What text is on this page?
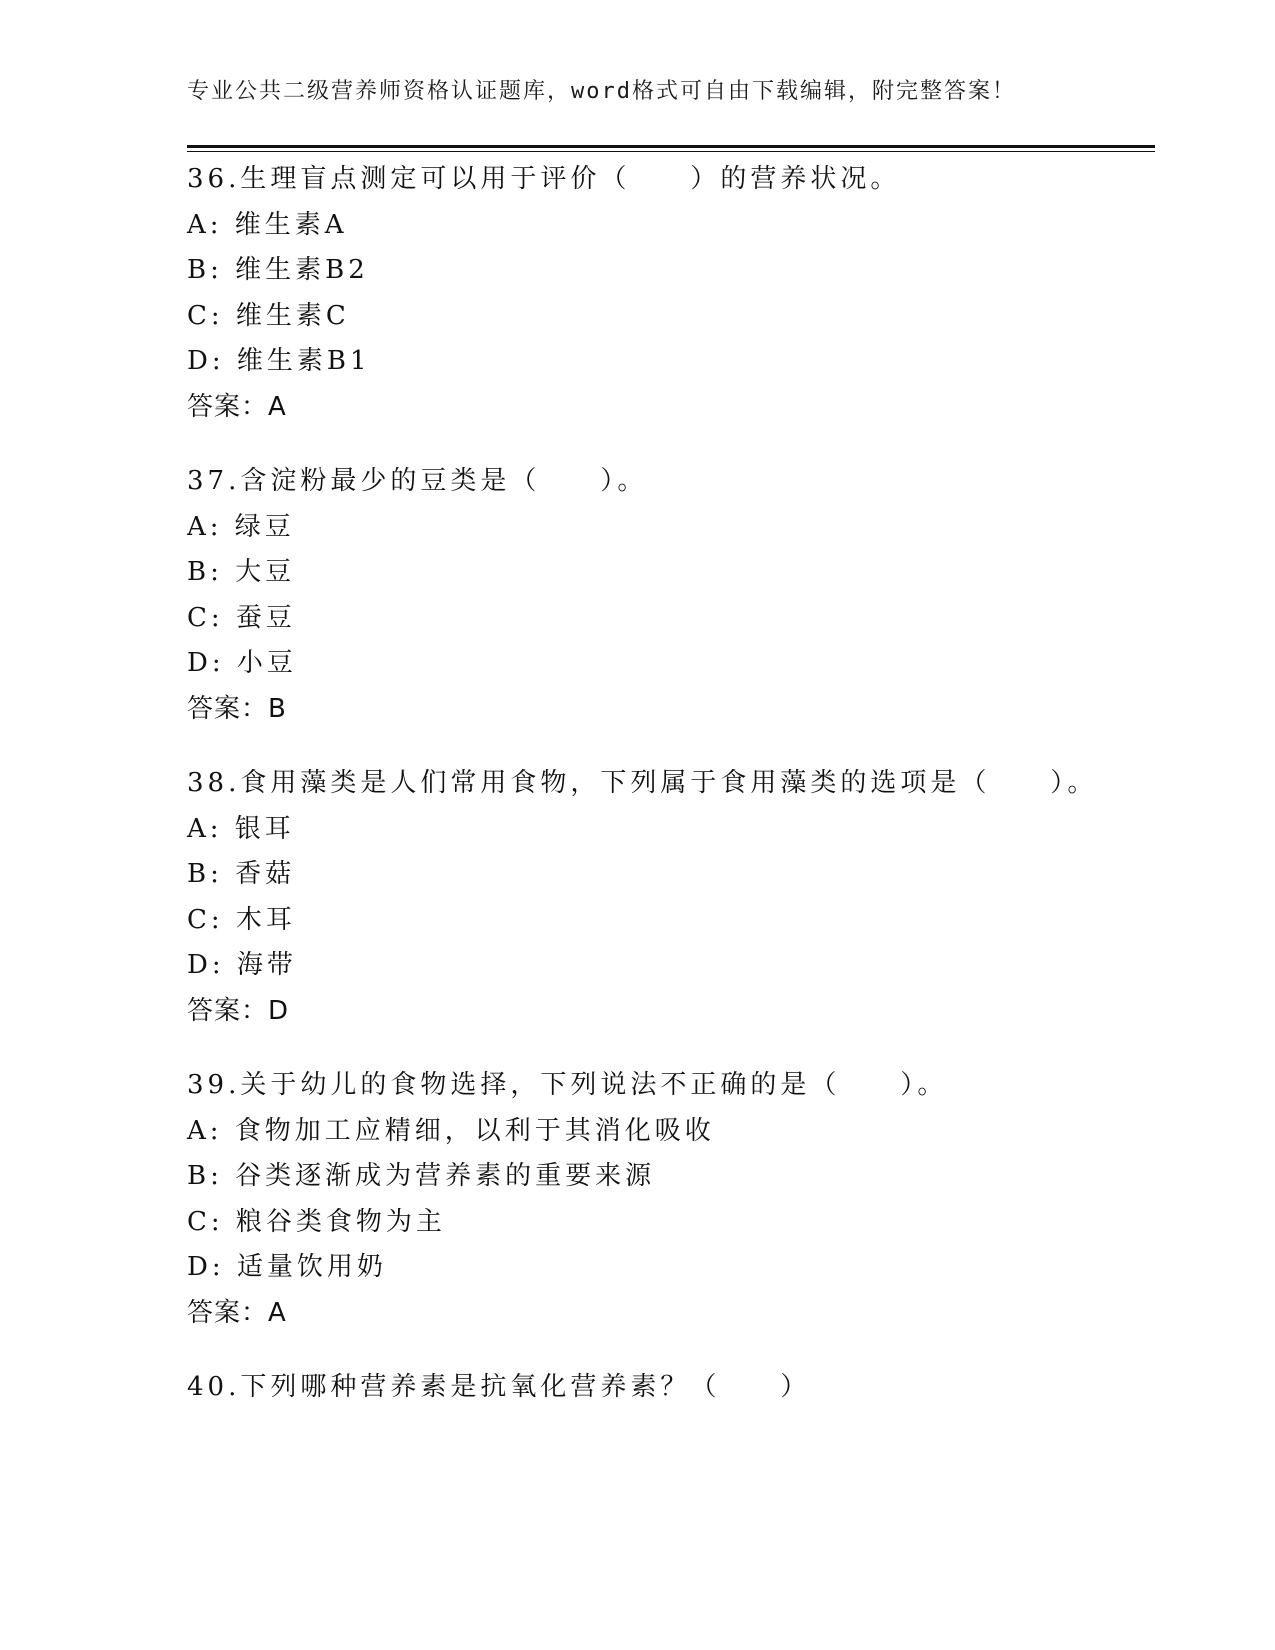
专业公共二级营养师资格认证题库，word格式可自由下载编辑，附完整答案！
36.生理盲点测定可以用于评价（　　）的营养状况。
A: 维生素A
B: 维生素B2
C: 维生素C
D: 维生素B1
答案：A
37.含淀粉最少的豆类是（　　）。
A: 绿豆
B: 大豆
C: 蚕豆
D: 小豆
答案：B
38.食用藻类是人们常用食物，下列属于食用藻类的选项是（　　）。
A: 银耳
B: 香菇
C: 木耳
D: 海带
答案：D
39.关于幼儿的食物选择，下列说法不正确的是（　　）。
A: 食物加工应精细，以利于其消化吸收
B: 谷类逐渐成为营养素的重要来源
C: 粮谷类食物为主
D: 适量饮用奶
答案：A
40.下列哪种营养素是抗氧化营养素？（　　）
